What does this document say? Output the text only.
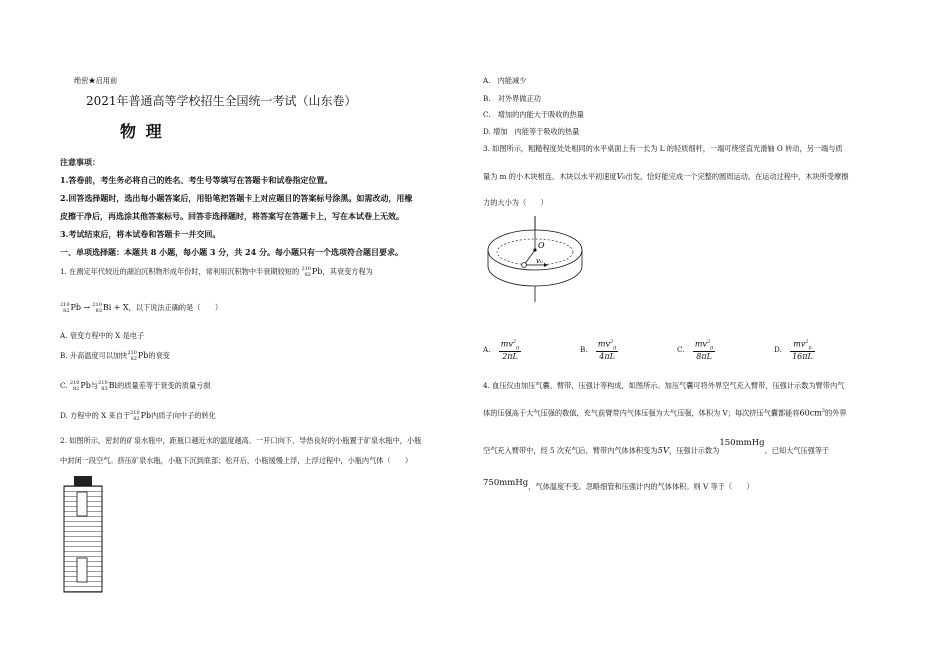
绝密★启用前
2021年普通高等学校招生全国统一考试（山东卷）
物 理
注意事项：
1.答卷前，考生务必将自己的姓名、考生号等填写在答题卡和试卷指定位置。
2.回答选择题时，选出每小题答案后，用铅笔把答题卡上对应题目的答案标号涂黑。如需改动，用橡
皮擦干净后，再选涂其他答案标号。回答非选择题时，将答案写在答题卡上，写在本试卷上无效。
3.考试结束后，将本试卷和答题卡一并交回。
一、单项选择题：本题共 8 小题，每小题 3 分，共 24 分。每小题只有一个选项符合题目要求。
1. 在测定年代较近的湖泊沉积物形成年份时，常利用沉积物中半衰期较短的 210
82Pb，其衰变方程为
210
82Pb → 210
83Bi + X，以下说法正确的是（　　）
A. 衰变方程中的 X 是电子
B. 升高温度可以加快210
82Pb的衰变
C. 210
82Pb与210
83Bi的质量差等于衰变的质量亏损
D. 方程中的 X 来自于210
82Pb内质子向中子的转化
2. 如图所示，密封的矿泉水瓶中，距瓶口越近水的温度越高。一开口向下、导热良好的小瓶置于矿泉水瓶中，小瓶
中封闭一段空气。挤压矿泉水瓶，小瓶下沉到底部；松开后，小瓶缓慢上浮，上浮过程中，小瓶内气体（　　）
A.　内能减少
B.　对外界做正功
C.　增加的内能大于吸收的热量
D. 增加　内能等于吸收的热量
3. 如图所示，粗糙程度处处相同的水平桌面上有一长为 L 的轻质细杆，一端可绕竖直光滑轴 O 转动，另一端与质
量为 m 的小木块相连。木块以水平初速度V₀出发，恰好能完成一个完整的圆周运动。在运动过程中，木块所受摩擦
力的大小为（　　）
O
v₀
A. $\frac{mv^2_0}{2\pi L}$	B. $\frac{mv^2_0}{4\pi L}$	C. $\frac{mv^2_0}{8\pi L}$	D. $\frac{mv^2_0}{16\pi L}$
4. 血压仪由加压气囊、臂带，压强计等构成，如图所示。加压气囊可将外界空气充入臂带，压强计示数为臂带内气
体的压强高于大气压强的数值，充气前臂带内气体压强为大气压强，体积为 V；每次挤压气囊都能将$60cm^3$的外界
空气充入臂带中，经 5 次充气后，臂带内气体体积变为5V，压强计示数为150mmHg。已知大气压强等于
750mmHg，气体温度不变。忽略细管和压强计内的气体体积。则 V 等于（　　）
